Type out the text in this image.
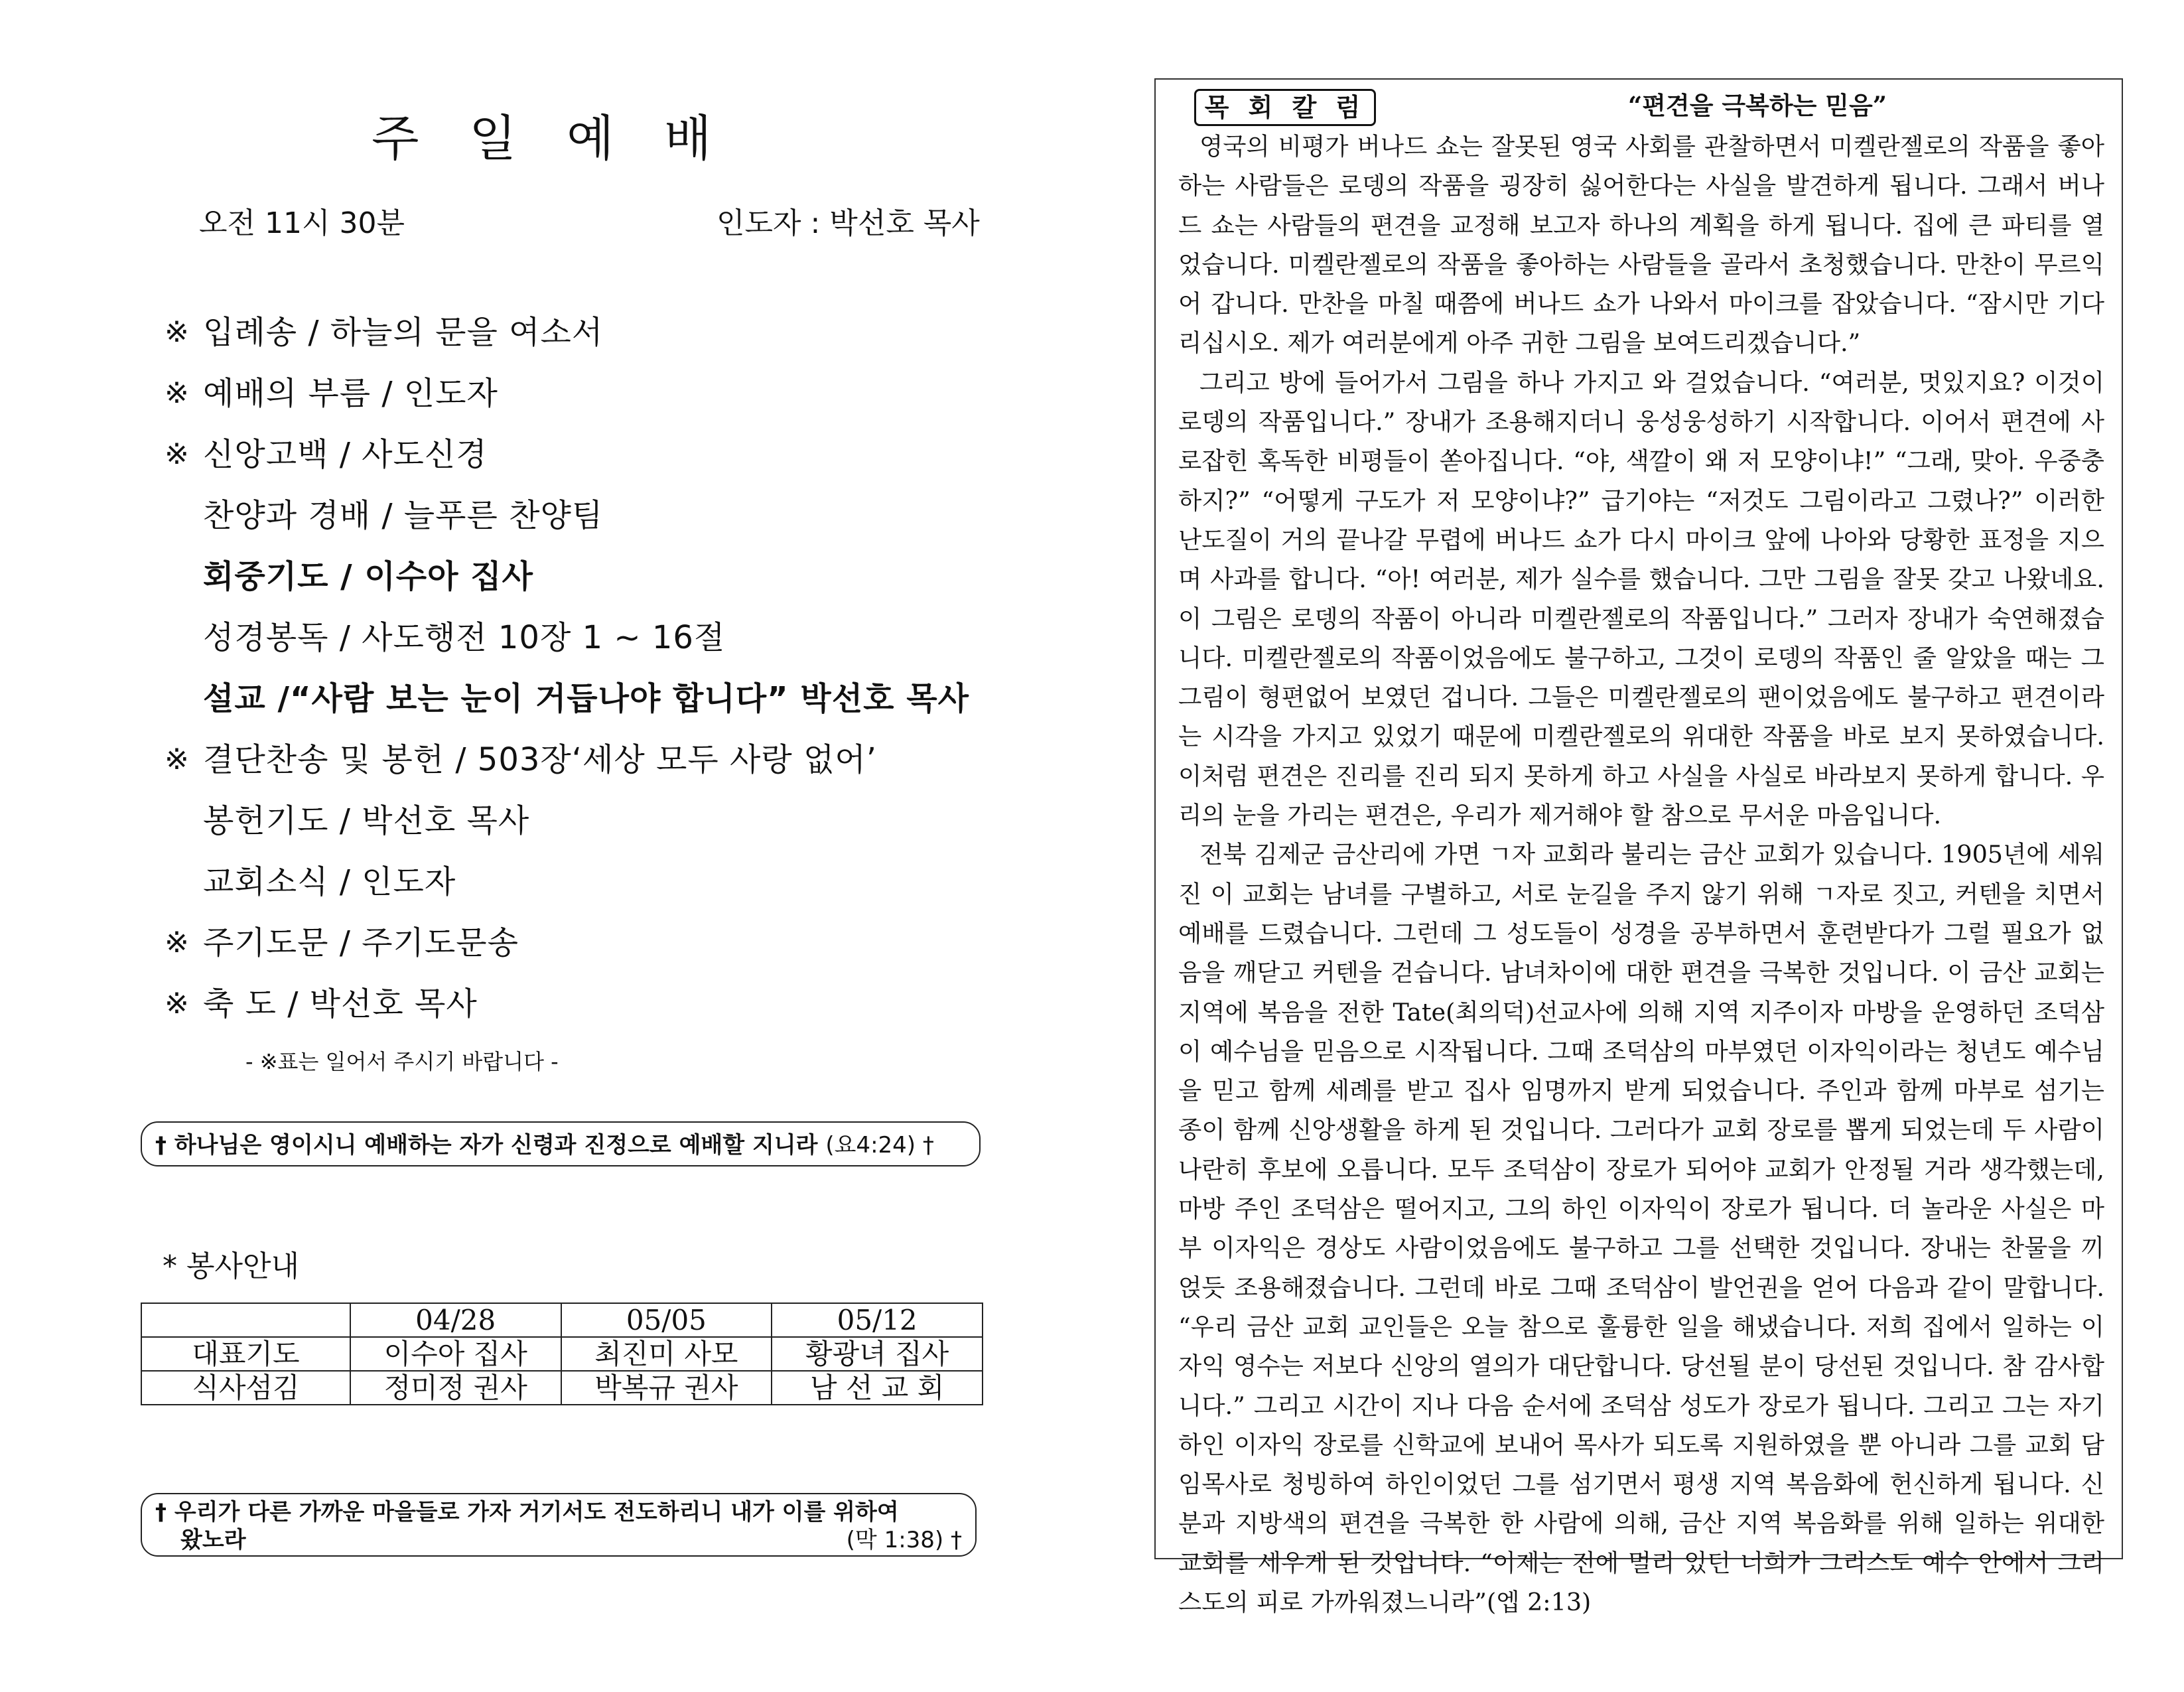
주 일 예 배
오전 11시 30분	인도자 : 박선호 목사
※ 입례송 / 하늘의 문을 여소서
※ 예배의 부름 / 인도자
※ 신앙고백 / 사도신경
찬양과 경배 / 늘푸른 찬양팀
회중기도 / 이수아 집사
성경봉독 / 사도행전 10장 1 ~ 16절
설교 /“사람 보는 눈이 거듭나야 합니다” 박선호 목사
※ 결단찬송 및 봉헌 / 503장‘세상 모두 사랑 없어’
봉헌기도 / 박선호 목사
교회소식 / 인도자
※ 주기도문 / 주기도문송
※ 축 도 / 박선호 목사
- ※표는 일어서 주시기 바랍니다 -
† 하나님은 영이시니 예배하는 자가 신령과 진정으로 예배할 지니라 (요4:24) †
* 봉사안내
	04/28	05/05	05/12
대표기도	이수아 집사	최진미 사모	황광녀 집사
식사섬김	정미정 권사	박복규 권사	남 선 교 회
† 우리가 다른 가까운 마을들로 가자 거기서도 전도하리니 내가 이를 위하여
왔노라	(막 1:38) †
목 회 칼 럼	“편견을 극복하는 믿음”

영국의 비평가 버나드 쇼는 잘못된 영국 사회를 관찰하면서 미켈란젤로의 작품을 좋아하는 사람들은 로뎅의 작품을 굉장히 싫어한다는 사실을 발견하게 됩니다. 그래서 버나드 쇼는 사람들의 편견을 교정해 보고자 하나의 계획을 하게 됩니다. 집에 큰 파티를 열었습니다. 미켈란젤로의 작품을 좋아하는 사람들을 골라서 초청했습니다. 만찬이 무르익어 갑니다. 만찬을 마칠 때쯤에 버나드 쇼가 나와서 마이크를 잡았습니다. “잠시만 기다리십시오. 제가 여러분에게 아주 귀한 그림을 보여드리겠습니다.”

그리고 방에 들어가서 그림을 하나 가지고 와 걸었습니다. “여러분, 멋있지요? 이것이 로뎅의 작품입니다.” 장내가 조용해지더니 웅성웅성하기 시작합니다. 이어서 편견에 사로잡힌 혹독한 비평들이 쏟아집니다. “야, 색깔이 왜 저 모양이냐!” “그래, 맞아. 우중충하지?” “어떻게 구도가 저 모양이냐?” 급기야는 “저것도 그림이라고 그렸나?” 이러한 난도질이 거의 끝나갈 무렵에 버나드 쇼가 다시 마이크 앞에 나아와 당황한 표정을 지으며 사과를 합니다. “아! 여러분, 제가 실수를 했습니다. 그만 그림을 잘못 갖고 나왔네요. 이 그림은 로뎅의 작품이 아니라 미켈란젤로의 작품입니다.” 그러자 장내가 숙연해졌습니다. 미켈란젤로의 작품이었음에도 불구하고, 그것이 로뎅의 작품인 줄 알았을 때는 그 그림이 형편없어 보였던 겁니다. 그들은 미켈란젤로의 팬이었음에도 불구하고 편견이라는 시각을 가지고 있었기 때문에 미켈란젤로의 위대한 작품을 바로 보지 못하였습니다. 이처럼 편견은 진리를 진리 되지 못하게 하고 사실을 사실로 바라보지 못하게 합니다. 우리의 눈을 가리는 편견은, 우리가 제거해야 할 참으로 무서운 마음입니다.

전북 김제군 금산리에 가면 ㄱ자 교회라 불리는 금산 교회가 있습니다. 1905년에 세워진 이 교회는 남녀를 구별하고, 서로 눈길을 주지 않기 위해 ㄱ자로 짓고, 커텐을 치면서 예배를 드렸습니다. 그런데 그 성도들이 성경을 공부하면서 훈련받다가 그럴 필요가 없음을 깨닫고 커텐을 걷습니다. 남녀차이에 대한 편견을 극복한 것입니다. 이 금산 교회는 지역에 복음을 전한 Tate(최의덕)선교사에 의해 지역 지주이자 마방을 운영하던 조덕삼이 예수님을 믿음으로 시작됩니다. 그때 조덕삼의 마부였던 이자익이라는 청년도 예수님을 믿고 함께 세례를 받고 집사 임명까지 받게 되었습니다. 주인과 함께 마부로 섬기는 종이 함께 신앙생활을 하게 된 것입니다. 그러다가 교회 장로를 뽑게 되었는데 두 사람이 나란히 후보에 오릅니다. 모두 조덕삼이 장로가 되어야 교회가 안정될 거라 생각했는데, 마방 주인 조덕삼은 떨어지고, 그의 하인 이자익이 장로가 됩니다. 더 놀라운 사실은 마부 이자익은 경상도 사람이었음에도 불구하고 그를 선택한 것입니다. 장내는 찬물을 끼얹듯 조용해졌습니다. 그런데 바로 그때 조덕삼이 발언권을 얻어 다음과 같이 말합니다. “우리 금산 교회 교인들은 오늘 참으로 훌륭한 일을 해냈습니다. 저희 집에서 일하는 이자익 영수는 저보다 신앙의 열의가 대단합니다. 당선될 분이 당선된 것입니다. 참 감사합니다.” 그리고 시간이 지나 다음 순서에 조덕삼 성도가 장로가 됩니다. 그리고 그는 자기 하인 이자익 장로를 신학교에 보내어 목사가 되도록 지원하였을 뿐 아니라 그를 교회 담임목사로 청빙하여 하인이었던 그를 섬기면서 평생 지역 복음화에 헌신하게 됩니다. 신분과 지방색의 편견을 극복한 한 사람에 의해, 금산 지역 복음화를 위해 일하는 위대한 교회를 세우게 된 것입니다. “이제는 전에 멀리 있던 너희가 그리스도 예수 안에서 그리스도의 피로 가까워졌느니라”(엡 2:13)
